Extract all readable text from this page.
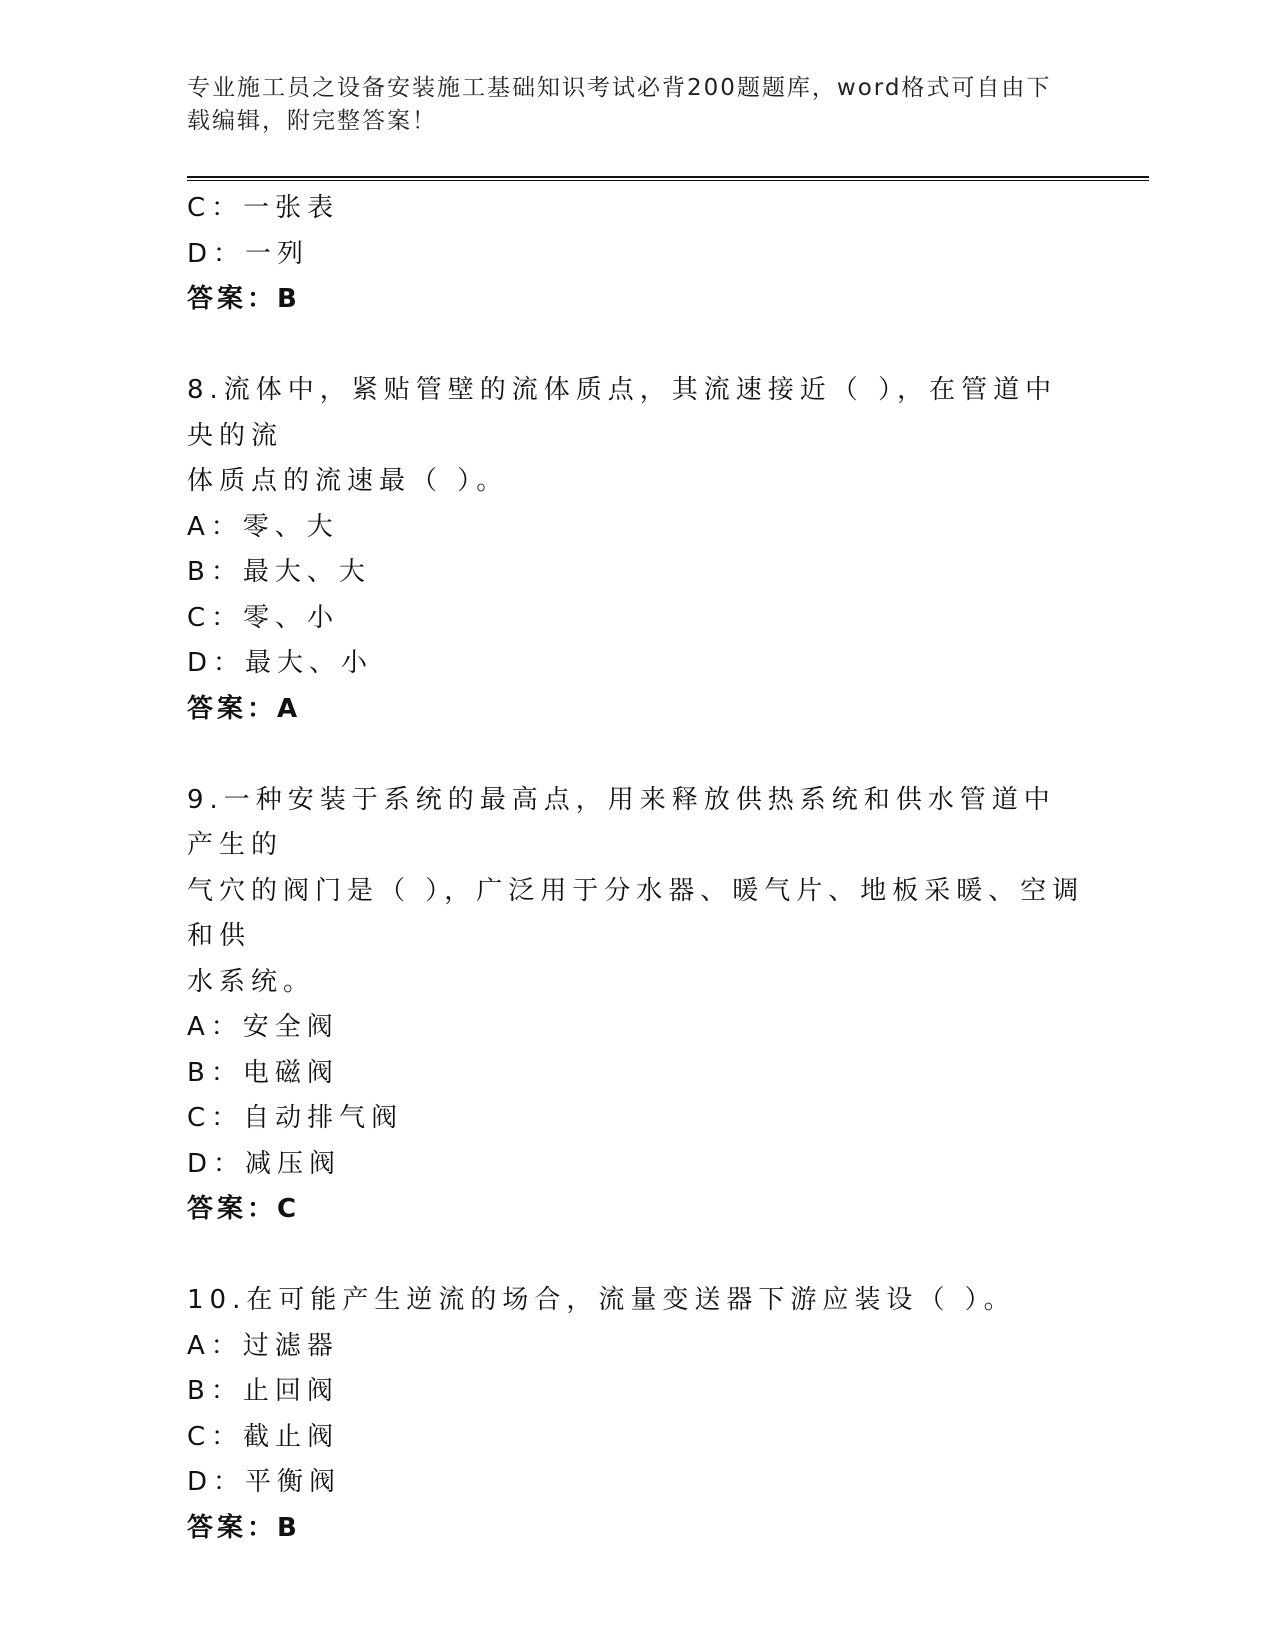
专业施工员之设备安装施工基础知识考试必背200题题库，word格式可自由下载编辑，附完整答案！
C：一张表
D：一列
答案：B
8.流体中，紧贴管壁的流体质点，其流速接近（ ），在管道中央的流
体质点的流速最（ ）。
A：零、大
B：最大、大
C：零、小
D：最大、小
答案：A
9.一种安装于系统的最高点，用来释放供热系统和供水管道中产生的
气穴的阀门是（ ），广泛用于分水器、暖气片、地板采暖、空调和供
水系统。
A：安全阀
B：电磁阀
C：自动排气阀
D：减压阀
答案：C
10.在可能产生逆流的场合，流量变送器下游应装设（ ）。
A：过滤器
B：止回阀
C：截止阀
D：平衡阀
答案：B
